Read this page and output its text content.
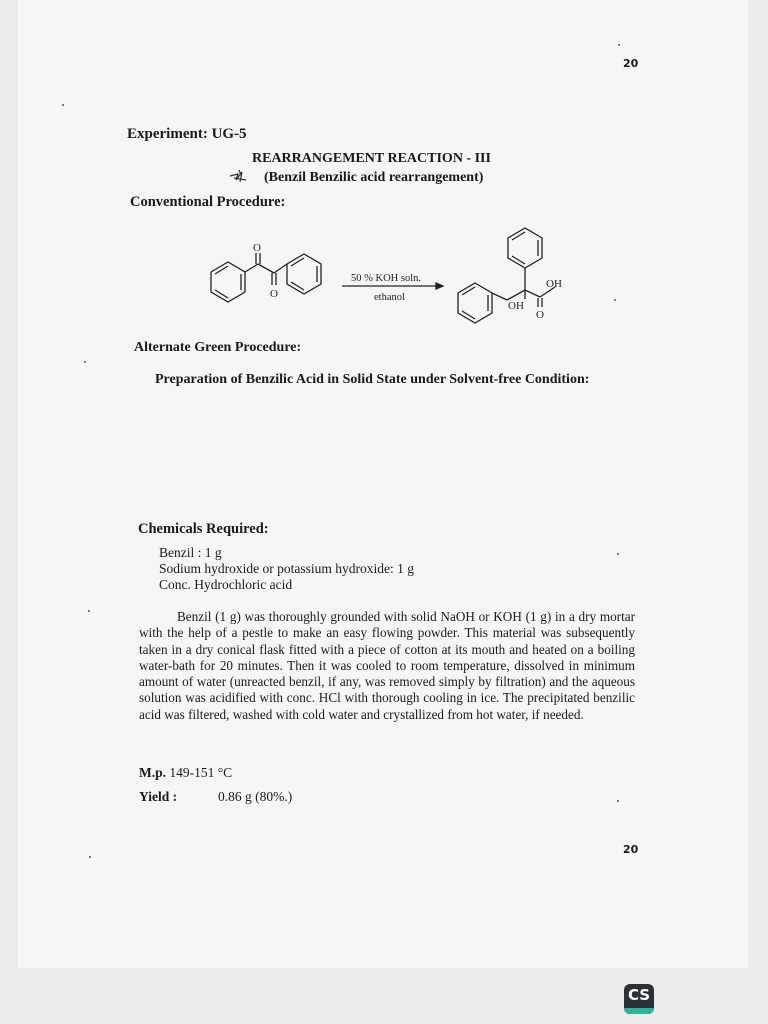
20
Experiment: UG-5
REARRANGEMENT REACTION - III
(Benzil Benzilic acid rearrangement)
Conventional Procedure:
O
O
50 % KOH soln.
ethanol
OH
OH
O
Alternate Green Procedure:
Preparation of Benzilic Acid in Solid State under Solvent-free Condition:
Chemicals Required:
Benzil : 1 g
Sodium hydroxide or potassium hydroxide: 1 g
Conc. Hydrochloric acid
Benzil (1 g) was thoroughly grounded with solid NaOH or KOH (1 g) in a dry mortar with the help of a pestle to make an easy flowing powder. This material was subsequently taken in a dry conical flask fitted with a piece of cotton at its mouth and heated on a boiling water-bath for 20 minutes. Then it was cooled to room temperature, dissolved in minimum amount of water (unreacted benzil, if any, was removed simply by filtration) and the aqueous solution was acidified with conc. HCl with thorough cooling in ice. The precipitated benzilic acid was filtered, washed with cold water and crystallized from hot water, if needed.
M.p. 149-151 °C
Yield :	0.86 g (80%.)
20
CS
